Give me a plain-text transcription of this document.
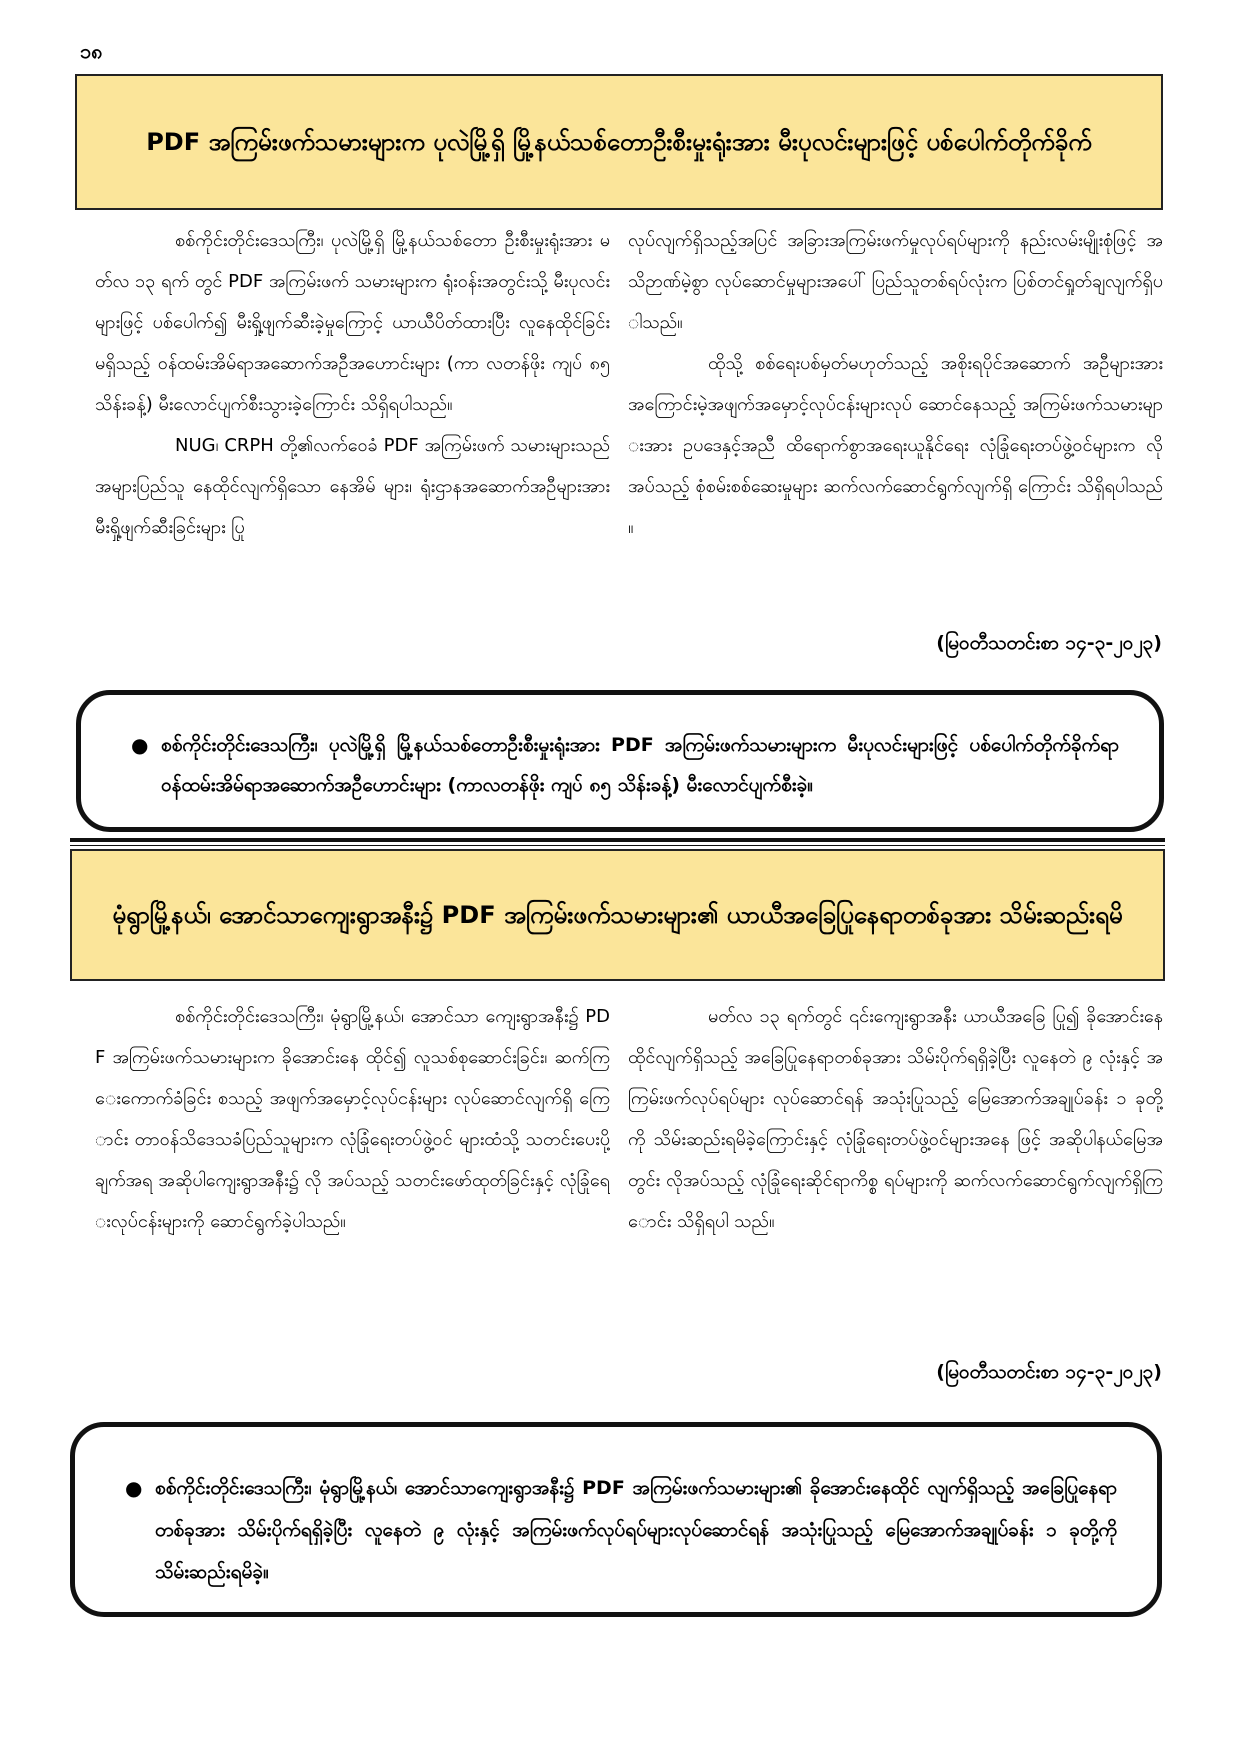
၁၈
PDF အကြမ်းဖက်သမားများက ပုလဲမြို့ရှိ မြို့နယ်သစ်တောဦးစီးမှုးရုံးအား မီးပုလင်းများဖြင့် ပစ်ပေါက်တိုက်ခိုက်

စစ်ကိုင်းတိုင်းဒေသကြီး၊ ပုလဲမြို့ရှိ မြို့နယ်သစ်တော ဦးစီးမှုးရုံးအား မတ်လ ၁၃ ရက် တွင် PDF အကြမ်းဖက် သမားများက ရုံးဝန်းအတွင်းသို့ မီးပုလင်းများဖြင့် ပစ်ပေါက်၍ မီးရှို့ဖျက်ဆီးခဲ့မှုကြောင့် ယာယီပိတ်ထားပြီး လူနေထိုင်ခြင်း မရှိသည့် ဝန်ထမ်းအိမ်ရာအဆောက်အဦအဟောင်းများ (ကာ လတန်ဖိုး ကျပ် ၈၅ သိန်းခန့်) မီးလောင်ပျက်စီးသွားခဲ့ကြောင်း သိရှိရပါသည်။

NUG၊ CRPH တို့၏လက်ဝေခံ PDF အကြမ်းဖက် သမားများသည် အများပြည်သူ နေထိုင်လျက်ရှိသော နေအိမ် များ၊ ရုံးဌာနအဆောက်အဦများအား မီးရှို့ဖျက်ဆီးခြင်းများ ပြု

လုပ်လျက်ရှိသည့်အပြင် အခြားအကြမ်းဖက်မှုလုပ်ရပ်များကို နည်းလမ်းမျိုးစုံဖြင့် အသိဉာဏ်မဲ့စွာ လုပ်ဆောင်မှုများအပေါ် ပြည်သူတစ်ရပ်လုံးက ပြစ်တင်ရှုတ်ချလျက်ရှိပါသည်။

ထိုသို့ စစ်ရေးပစ်မှတ်မဟုတ်သည့် အစိုးရပိုင်အဆောက် အဦများအား အကြောင်းမဲ့အဖျက်အမှောင့်လုပ်ငန်းများလုပ် ဆောင်နေသည့် အကြမ်းဖက်သမားများအား ဥပဒေနှင့်အညီ ထိရောက်စွာအရေးယူနိုင်ရေး လုံခြုံရေးတပ်ဖွဲ့ဝင်များက လို အပ်သည့် စုံစမ်းစစ်ဆေးမှုများ ဆက်လက်ဆောင်ရွက်လျက်ရှိ ကြောင်း သိရှိရပါသည်။

(မြဝတီသတင်းစာ ၁၄-၃-၂၀၂၃)
● စစ်ကိုင်းတိုင်းဒေသကြီး၊ ပုလဲမြို့ရှိ မြို့နယ်သစ်တောဦးစီးမှုးရုံးအား PDF အကြမ်းဖက်သမားများက မီးပုလင်းများဖြင့် ပစ်ပေါက်တိုက်ခိုက်ရာ ဝန်ထမ်းအိမ်ရာအဆောက်အဦဟောင်းများ (ကာလတန်ဖိုး ကျပ် ၈၅ သိန်းခန့်) မီးလောင်ပျက်စီးခဲ့။
မုံရွာမြို့နယ်၊ အောင်သာကျေးရွာအနီး၌ PDF အကြမ်းဖက်သမားများ၏ ယာယီအခြေပြုနေရာတစ်ခုအား သိမ်းဆည်းရမိ

စစ်ကိုင်းတိုင်းဒေသကြီး၊ မုံရွာမြို့နယ်၊ အောင်သာ ကျေးရွာအနီး၌ PDF အကြမ်းဖက်သမားများက ခိုအောင်းနေ ထိုင်၍ လူသစ်စုဆောင်းခြင်း၊ ဆက်ကြေးကောက်ခံခြင်း စသည့် အဖျက်အမှောင့်လုပ်ငန်းများ လုပ်ဆောင်လျက်ရှိ ကြောင်း တာဝန်သိဒေသခံပြည်သူများက လုံခြုံရေးတပ်ဖွဲ့ဝင် များထံသို့ သတင်းပေးပို့ချက်အရ အဆိုပါကျေးရွာအနီး၌ လို အပ်သည့် သတင်းဖော်ထုတ်ခြင်းနှင့် လုံခြုံရေးလုပ်ငန်းများကို ဆောင်ရွက်ခဲ့ပါသည်။

မတ်လ ၁၃ ရက်တွင် ၎င်းကျေးရွာအနီး ယာယီအခြေ ပြု၍ ခိုအောင်းနေထိုင်လျက်ရှိသည့် အခြေပြုနေရာတစ်ခုအား သိမ်းပိုက်ရရှိခဲ့ပြီး လူနေတဲ ၉ လုံးနှင့် အကြမ်းဖက်လုပ်ရပ်များ လုပ်ဆောင်ရန် အသုံးပြုသည့် မြေအောက်အချုပ်ခန်း ၁ ခုတို့ ကို သိမ်းဆည်းရမိခဲ့ကြောင်းနှင့် လုံခြုံရေးတပ်ဖွဲ့ဝင်များအနေ ဖြင့် အဆိုပါနယ်မြေအတွင်း လိုအပ်သည့် လုံခြုံရေးဆိုင်ရာကိစ္စ ရပ်များကို ဆက်လက်ဆောင်ရွက်လျက်ရှိကြောင်း သိရှိရပါ သည်။

(မြဝတီသတင်းစာ ၁၄-၃-၂၀၂၃)
● စစ်ကိုင်းတိုင်းဒေသကြီး၊ မုံရွာမြို့နယ်၊ အောင်သာကျေးရွာအနီး၌ PDF အကြမ်းဖက်သမားများ၏ ခိုအောင်းနေထိုင် လျက်ရှိသည့် အခြေပြုနေရာတစ်ခုအား သိမ်းပိုက်ရရှိခဲ့ပြီး လူနေတဲ ၉ လုံးနှင့် အကြမ်းဖက်လုပ်ရပ်များလုပ်ဆောင်ရန် အသုံးပြုသည့် မြေအောက်အချုပ်ခန်း ၁ ခုတို့ကို သိမ်းဆည်းရမိခဲ့။
